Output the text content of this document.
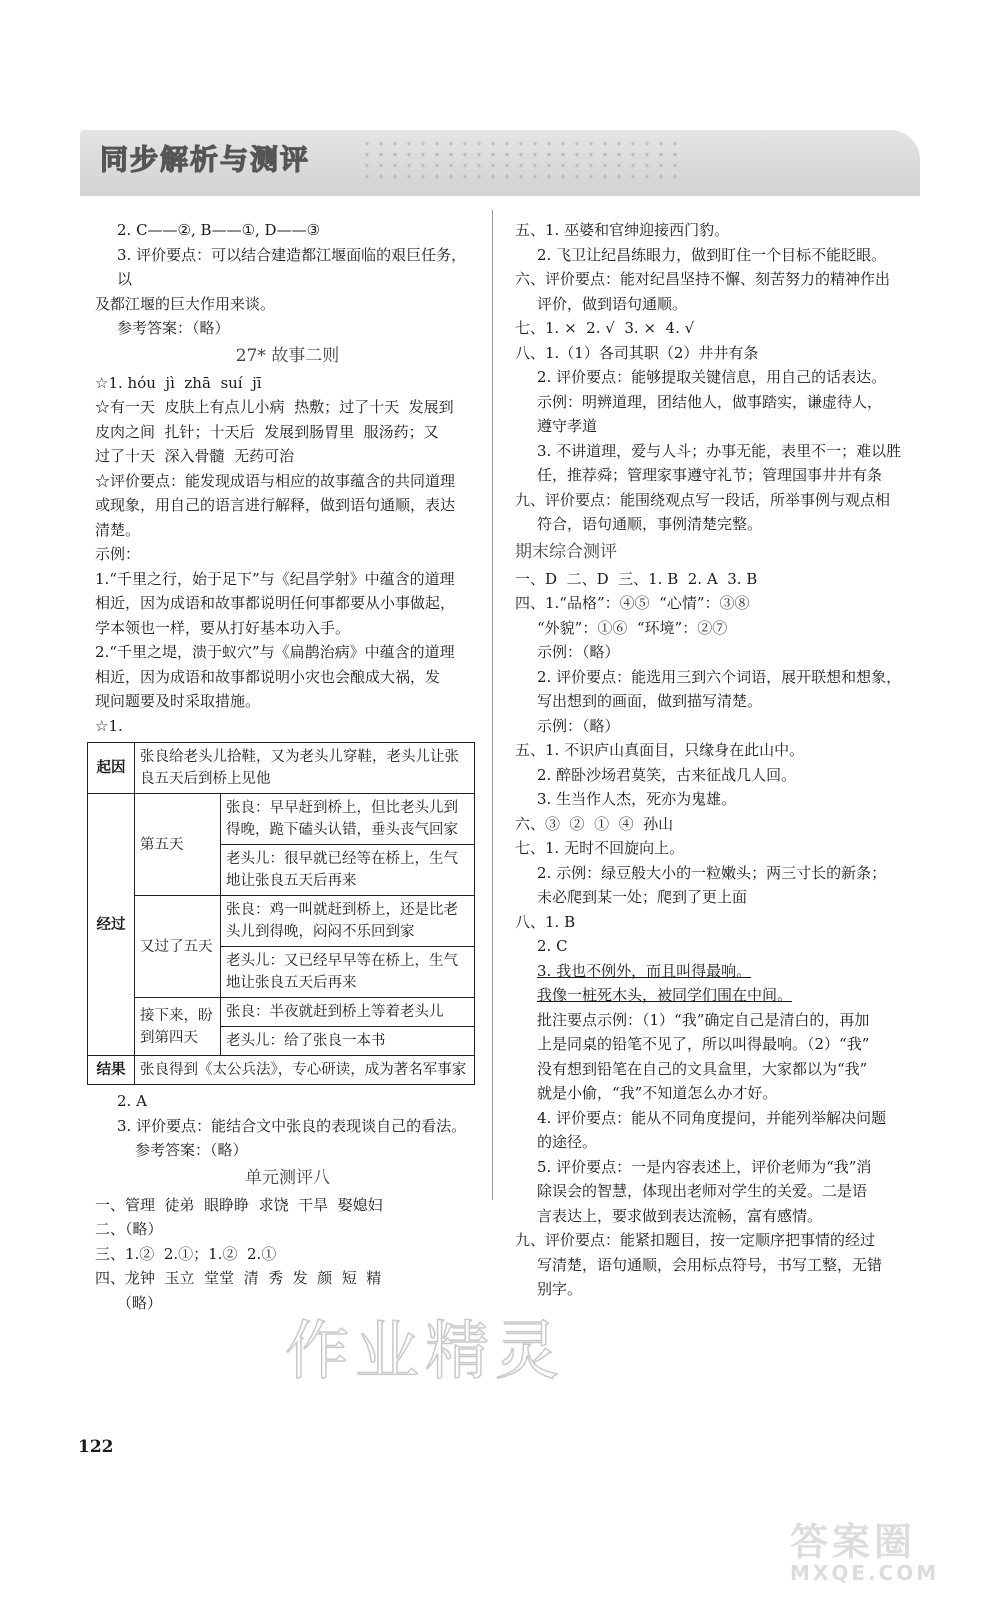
同步解析与测评
2. C——②, B——①, D——③
3. 评价要点：可以结合建造都江堰面临的艰巨任务，以
及都江堰的巨大作用来谈。
参考答案：（略）
27* 故事二则
☆1. hóu  jì  zhā  suí  jī
☆有一天  皮肤上有点儿小病  热敷；过了十天  发展到
皮肉之间  扎针；十天后  发展到肠胃里  服汤药；又
过了十天  深入骨髓  无药可治
☆评价要点：能发现成语与相应的故事蕴含的共同道理
或现象，用自己的语言进行解释，做到语句通顺，表达
清楚。
示例：
1.“千里之行，始于足下”与《纪昌学射》中蕴含的道理
相近，因为成语和故事都说明任何事都要从小事做起，
学本领也一样，要从打好基本功入手。
2.“千里之堤，溃于蚁穴”与《扁鹊治病》中蕴含的道理
相近，因为成语和故事都说明小灾也会酿成大祸，发
现问题要及时采取措施。
☆1.
起因	张良给老头儿拾鞋，又为老头儿穿鞋，老头儿让张良五天后到桥上见他	
经过	第五天	张良：早早赶到桥上，但比老头儿到得晚，跪下磕头认错，垂头丧气回家
		老头儿：很早就已经等在桥上，生气地让张良五天后再来
	又过了五天	张良：鸡一叫就赶到桥上，还是比老头儿到得晚，闷闷不乐回到家
		老头儿：又已经早早等在桥上，生气地让张良五天后再来
	接下来，盼到第四天	张良：半夜就赶到桥上等着老头儿
		老头儿：给了张良一本书
结果	张良得到《太公兵法》，专心研读，成为著名军事家	
2. A
3. 评价要点：能结合文中张良的表现谈自己的看法。
参考答案：（略）
单元测评八
一、管理  徒弟  眼睁睁  求饶  干旱  娶媳妇
二、（略）
三、1.②  2.①；1.②  2.①
四、龙钟  玉立  堂堂  清  秀  发  颜  短  精
（略）
五、1. 巫婆和官绅迎接西门豹。
2. 飞卫让纪昌练眼力，做到盯住一个目标不能眨眼。
六、评价要点：能对纪昌坚持不懈、刻苦努力的精神作出
评价，做到语句通顺。
七、1. ×  2. √  3. ×  4. √
八、1.（1）各司其职（2）井井有条
2. 评价要点：能够提取关键信息，用自己的话表达。
示例：明辨道理，团结他人，做事踏实，谦虚待人，
遵守孝道
3. 不讲道理，爱与人斗；办事无能，表里不一；难以胜
任，推荐舜；管理家事遵守礼节；管理国事井井有条
九、评价要点：能围绕观点写一段话，所举事例与观点相
符合，语句通顺，事例清楚完整。
期末综合测评
一、D  二、D  三、1. B  2. A  3. B
四、1.“品格”：④⑤  “心情”：③⑧
“外貌”：①⑥  “环境”：②⑦
示例：（略）
2. 评价要点：能选用三到六个词语，展开联想和想象，
写出想到的画面，做到描写清楚。
示例：（略）
五、1. 不识庐山真面目，只缘身在此山中。
2. 醉卧沙场君莫笑，古来征战几人回。
3. 生当作人杰，死亦为鬼雄。
六、③  ②  ①  ④  孙山
七、1. 无时不回旋向上。
2. 示例：绿豆般大小的一粒嫩头；两三寸长的新条；
未必爬到某一处；爬到了更上面
八、1. B
2. C
3. 我也不例外，而且叫得最响。
我像一桩死木头，被同学们围在中间。
批注要点示例：（1）“我”确定自己是清白的，再加
上是同桌的铅笔不见了，所以叫得最响。（2）“我”
没有想到铅笔在自己的文具盒里，大家都以为“我”
就是小偷，“我”不知道怎么办才好。
4. 评价要点：能从不同角度提问，并能列举解决问题
的途径。
5. 评价要点：一是内容表述上，评价老师为“我”消
除误会的智慧，体现出老师对学生的关爱。二是语
言表达上，要求做到表达流畅，富有感情。
九、评价要点：能紧扣题目，按一定顺序把事情的经过
写清楚，语句通顺，会用标点符号，书写工整，无错
别字。
作业精灵
122
答案圈
MXQE.COM
